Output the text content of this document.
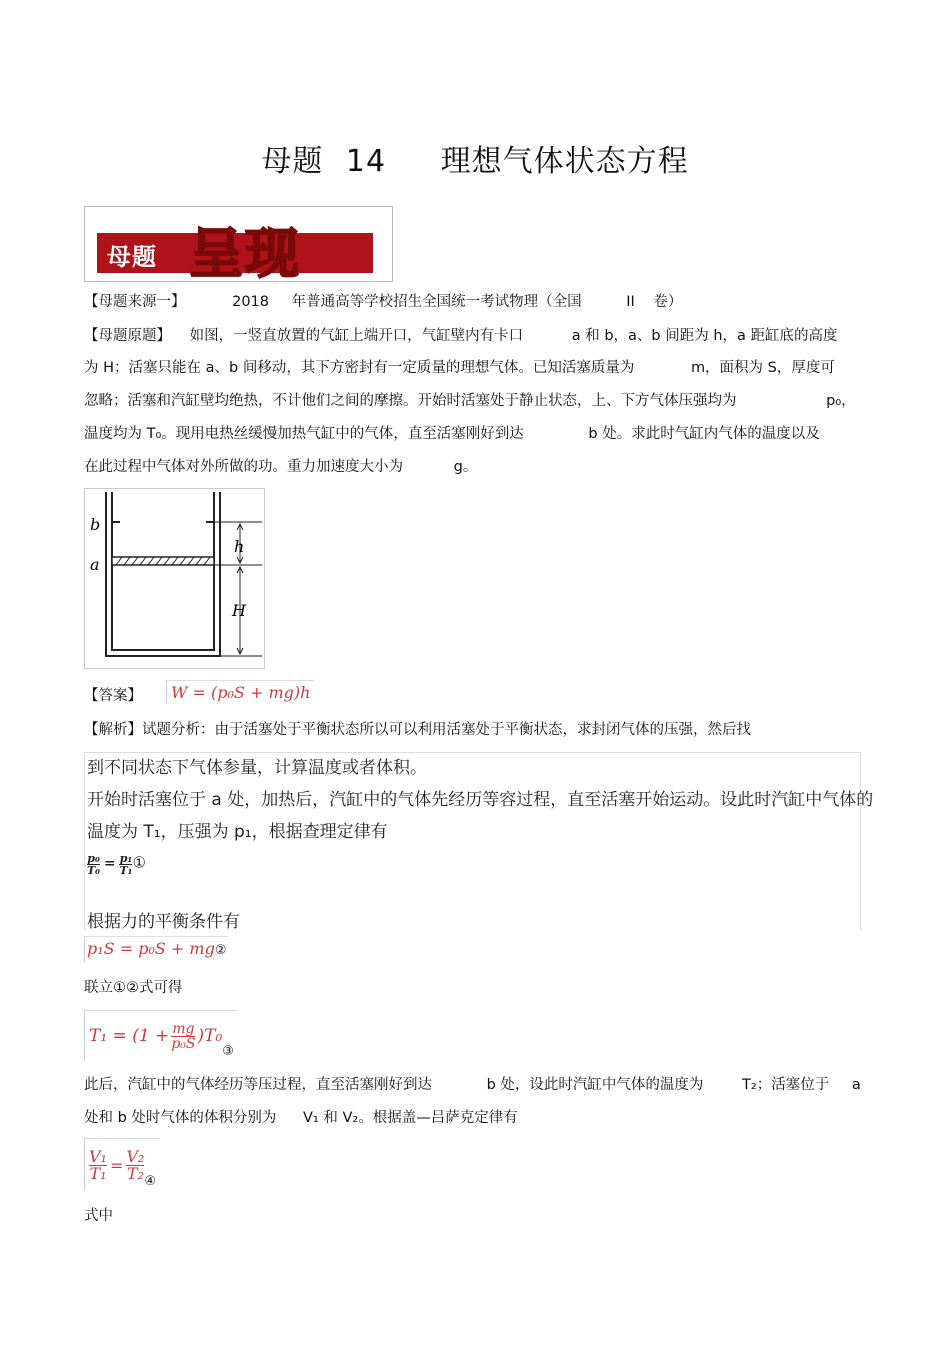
母题 14 理想气体状态方程
母题 呈现
【母题来源一】	2018 年普通高等学校招生全国统一考试物理（全国	II 卷）
【母题原题】 如图，一竖直放置的气缸上端开口，气缸壁内有卡口	a 和 b，a、b 间距为 h，a 距缸底的高度
为 H；活塞只能在 a、b 间移动，其下方密封有一定质量的理想气体。已知活塞质量为	m，面积为 S，厚度可
忽略；活塞和汽缸壁均绝热，不计他们之间的摩擦。开始时活塞处于静止状态，上、下方气体压强均为	p₀，
温度均为 T₀。现用电热丝缓慢加热气缸中的气体，直至活塞刚好到达	b 处。求此时气缸内气体的温度以及
在此过程中气体对外所做的功。重力加速度大小为	g。
b
a
h
H
【答案】	W = (p₀S + mg)h
【解析】试题分析：由于活塞处于平衡状态所以可以利用活塞处于平衡状态，求封闭气体的压强，然后找
到不同状态下气体参量，计算温度或者体积。
开始时活塞位于 a 处，加热后，汽缸中的气体先经历等容过程，直至活塞开始运动。设此时汽缸中气体的
温度为 T₁，压强为 p₁，根据查理定律有
$\frac{\text{p₀}}{\text{T₀}} = \frac{\text{p₁}}{\text{T₁}}$ ①
根据力的平衡条件有
p₁S = p₀S + mg②
联立①②式可得
$T_1 = (1 + \frac{mg}{\text{p₀S}} )T_0$
③
此后，汽缸中的气体经历等压过程，直至活塞刚好到达	b 处，设此时汽缸中气体的温度为	T₂；活塞位于 a
处和 b 处时气体的体积分别为 V₁ 和 V₂。根据盖—吕萨克定律有
$\frac{\text{V₁}}{\text{T₁}} = \frac{\text{V₂}}{\text{T₂}}$ ④
式中
